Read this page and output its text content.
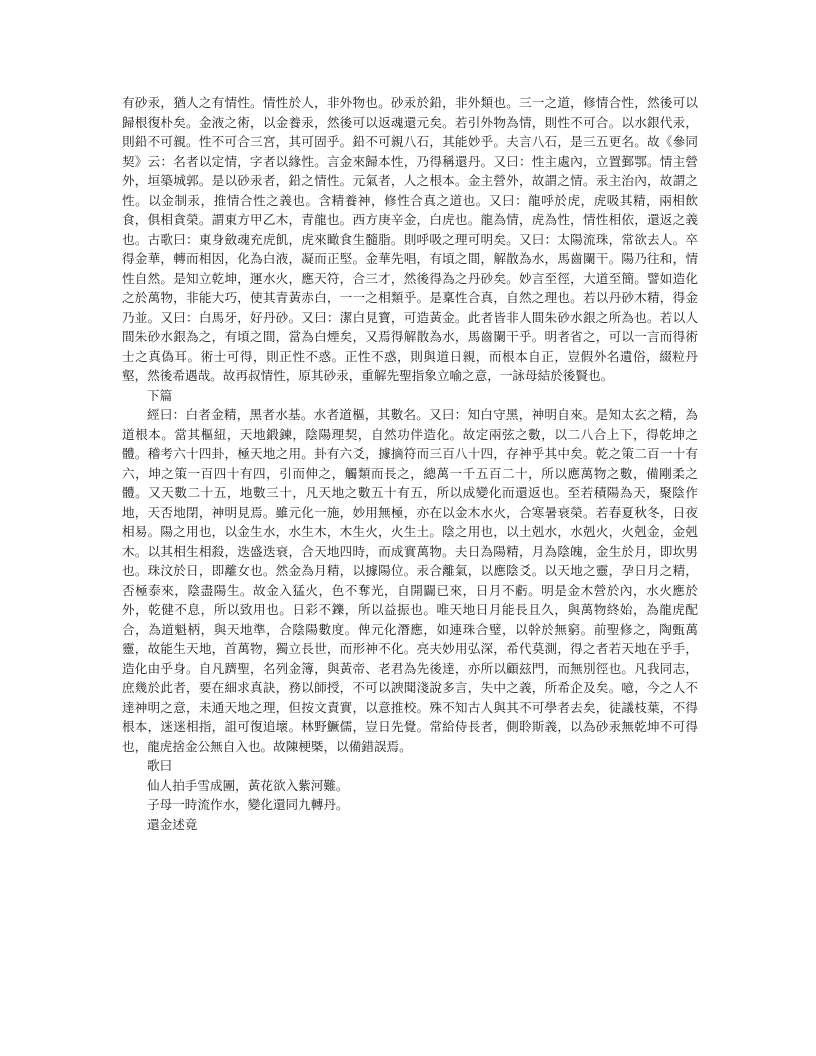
有砂汞，猶人之有情性。情性於人，非外物也。砂汞於鉛，非外類也。三一之道，修情合性，然後可以歸根復朴矣。金液之術，以金養汞，然後可以返魂還元矣。若引外物為情，則性不可合。以水銀代汞，則鉛不可親。性不可合三宮，其可固乎。鉛不可親八石，其能妙乎。夫言八石，是三五更名。故《參同契》云：名者以定情，字者以緣性。言金來歸本性，乃得稱還丹。又曰：性主處內，立置鄞鄂。情主營外，垣築城郭。是以砂汞者，鉛之情性。元氣者，人之根本。金主營外，故謂之情。汞主治內，故謂之性。以金制汞，推情合性之義也。含精養神，修性合真之道也。又曰：龍呼於虎，虎吸其精，兩相飲食，俱相貪榮。謂東方甲乙木，青龍也。西方庚辛金，白虎也。龍為情，虎為性，情性相依，還返之義也。古歌曰：東身斂魂充虎飢，虎來瞰食生髓脂。則呼吸之理可明矣。又曰：太陽流珠，常欲去人。卒得金華，轉而相因，化為白液，凝而正堅。金華先唱，有頃之間，解散為水，馬齒闌干。陽乃往和，情性自然。是知立乾坤，運水火，應天符，合三才，然後得為之丹砂矣。妙言至徑，大道至簡。譬如造化之於萬物，非能大巧，使其青黃赤白，一一之相類乎。是稟性合真，自然之理也。若以丹砂木精，得金乃並。又曰：白馬牙，好丹砂。又曰：潔白見寶，可造黃金。此者皆非人間朱砂水銀之所為也。若以人間朱砂水銀為之，有頃之間，當為白煙矣，又焉得解散為水，馬齒闌干乎。明者省之，可以一言而得術士之真偽耳。術士可得，則正性不惑。正性不惑，則與道日親，而根本自正，豈假外名遺俗，綴粒丹壑，然後希遇哉。故再叔情性，原其砂汞，重解先聖指象立喻之意，一詠母結於後賢也。

下篇

經曰：白者金精，黑者水基。水者道樞，其數名。又曰：知白守黑，神明自來。是知太玄之精，為道根本。當其樞紐，天地鍛鍊，陰陽理契，自然功伴造化。故定兩弦之數，以二八合上下，得乾坤之體。稽考六十四卦，極天地之用。卦有六爻，據摘符而三百八十四，存神乎其中矣。乾之策二百一十有六，坤之策一百四十有四，引而伸之，觸類而長之，總萬一千五百二十，所以應萬物之數，備剛柔之體。又天數二十五，地數三十，凡天地之數五十有五，所以成變化而還返也。至若積陽為天，聚陰作地，天否地閉，神明見焉。雖元化一施，妙用無極，亦在以金木水火，合寒暑衰榮。若春夏秋冬，日夜相易。陽之用也，以金生水，水生木，木生火，火生土。陰之用也，以土剋水，水剋火，火剋金，金剋木。以其相生相殺，迭盛迭衰，合天地四時，而成實萬物。夫日為陽精，月為陰魄，金生於月，即坎男也。珠汶於日，即離女也。然金為月精，以據陽位。汞合離氣，以應陰爻。以天地之靈，孕日月之精，否極泰來，陰盡陽生。故金入猛火，色不奪光，自開闢已來，日月不虧。明是金木營於內，水火應於外，乾健不息，所以致用也。日彩不鑠，所以益振也。唯天地日月能長且久，與萬物終始，為龍虎配合，為道魁柄，與天地準，合陰陽數度。俾元化潛應，如連珠合璧，以幹於無窮。前聖修之，陶甄萬靈，故能生天地，首萬物，獨立長世，而形神不化。亮夫妙用弘深，希代莫測，得之者若天地在乎手，造化由乎身。自凡躋聖，名列金簿，與黃帝、老君為先後達，亦所以顧玆門，而無別徑也。凡我同志，庶幾於此者，要在細求真訣，務以師授，不可以諛聞淺說多言，失中之義，所希企及矣。噫，今之人不達神明之意，未通天地之理，但按文責實，以意推校。殊不知古人與其不可學者去矣，徒議枝葉，不得根本，迷迷相指，詛可復追壞。林野鱖儒，豈日先覺。常給侍長者，側聆斯義，以為砂汞無乾坤不可得也，龍虎捨金公無自入也。故陳梗槩，以備錯誤焉。

歌曰

仙人拍手雪成團，黃花欲入紫河難。

子母一時流作水，變化還同九轉丹。

還金述竟
